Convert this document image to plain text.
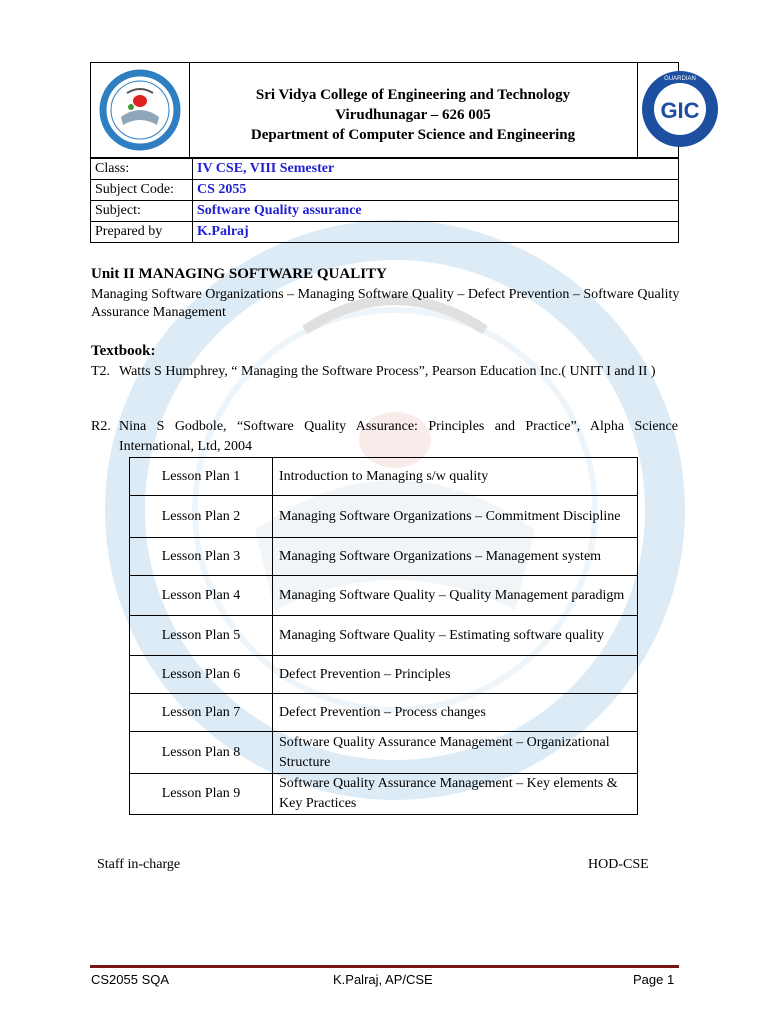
Sri Vidya College of Engineering and Technology
Virudhunagar – 626 005
Department of Computer Science and Engineering
GIC
GUARDIAN
Class:	IV CSE, VIII Semester
Subject Code:	CS 2055
Subject:	Software Quality assurance
Prepared by	K.Palraj
Unit II MANAGING SOFTWARE QUALITY
Managing Software Organizations – Managing Software Quality – Defect Prevention – Software Quality Assurance Management
Textbook:
T2. Watts S Humphrey, “ Managing the Software Process”, Pearson Education Inc.( UNIT I and II )
R2. Nina S Godbole, “Software Quality Assurance: Principles and Practice”, Alpha Science International, Ltd, 2004
Lesson Plan 1	Introduction to Managing s/w quality
Lesson Plan 2	Managing Software Organizations – Commitment Discipline
Lesson Plan 3	Managing Software Organizations – Management system
Lesson Plan 4	Managing Software Quality – Quality Management paradigm
Lesson Plan 5	Managing Software Quality – Estimating software quality
Lesson Plan 6	Defect Prevention – Principles
Lesson Plan 7	Defect Prevention – Process changes
Lesson Plan 8	Software Quality Assurance Management – Organizational Structure
Lesson Plan 9	Software Quality Assurance Management – Key elements & Key Practices
Staff in-charge	HOD-CSE
CS2055 SQA	K.Palraj, AP/CSE	Page 1
